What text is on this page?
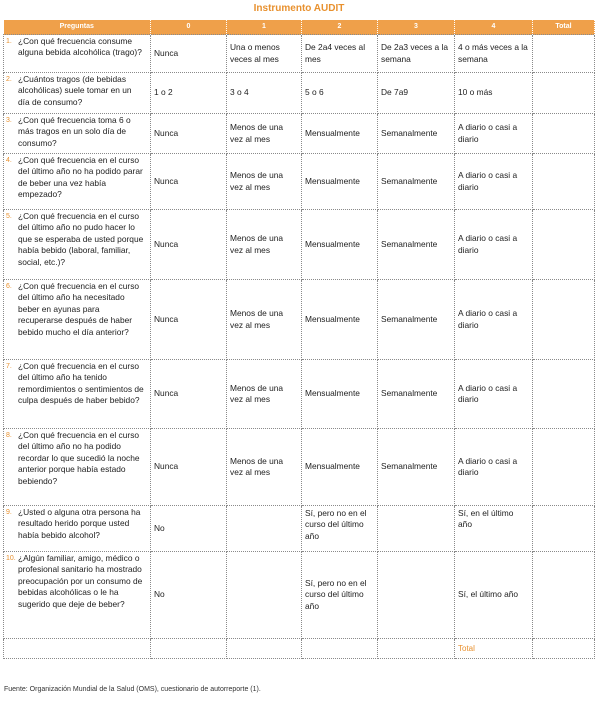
Instrumento AUDIT
Preguntas	0	1	2	3	4	Total
1. ¿Con qué frecuencia consume alguna bebida alcohólica (trago)?	Nunca	Una o menos veces al mes	De 2a4 veces al mes	De 2a3 veces a la semana	4 o más veces a la semana	
2. ¿Cuántos tragos (de bebidas alcohólicas) suele tomar en un día de consumo?	1 o 2	3 o 4	5 o 6	De 7a9	10 o más	
3. ¿Con qué frecuencia toma 6 o más tragos en un solo día de consumo?	Nunca	Menos de una vez al mes	Mensualmente	Semanalmente	A diario o casi a diario	
4. ¿Con qué frecuencia en el curso del último año no ha podido parar de beber una vez había empezado?	Nunca	Menos de una vez al mes	Mensualmente	Semanalmente	A diario o casi a diario	
5. ¿Con qué frecuencia en el curso del último año no pudo hacer lo que se esperaba de usted porque había bebido (laboral, familiar, social, etc.)?	Nunca	Menos de una vez al mes	Mensualmente	Semanalmente	A diario o casi a diario	
6. ¿Con qué frecuencia en el curso del último año ha necesitado beber en ayunas para recuperarse después de haber bebido mucho el día anterior?	Nunca	Menos de una vez al mes	Mensualmente	Semanalmente	A diario o casi a diario	
7. ¿Con qué frecuencia en el curso del último año ha tenido remordimientos o sentimientos de culpa después de haber bebido?	Nunca	Menos de una vez al mes	Mensualmente	Semanalmente	A diario o casi a diario	
8. ¿Con qué frecuencia en el curso del último año no ha podido recordar lo que sucedió la noche anterior porque había estado bebiendo?	Nunca	Menos de una vez al mes	Mensualmente	Semanalmente	A diario o casi a diario	
9. ¿Usted o alguna otra persona ha resultado herido porque usted había bebido alcohol?	No		Sí, pero no en el curso del último año		Sí, en el último año	
10. ¿Algún familiar, amigo, médico o profesional sanitario ha mostrado preocupación por un consumo de bebidas alcohólicas o le ha sugerido que deje de beber?	No		Sí, pero no en el curso del último año		Sí, el último año	
					Total	
Fuente: Organización Mundial de la Salud (OMS), cuestionario de autorreporte (1).
